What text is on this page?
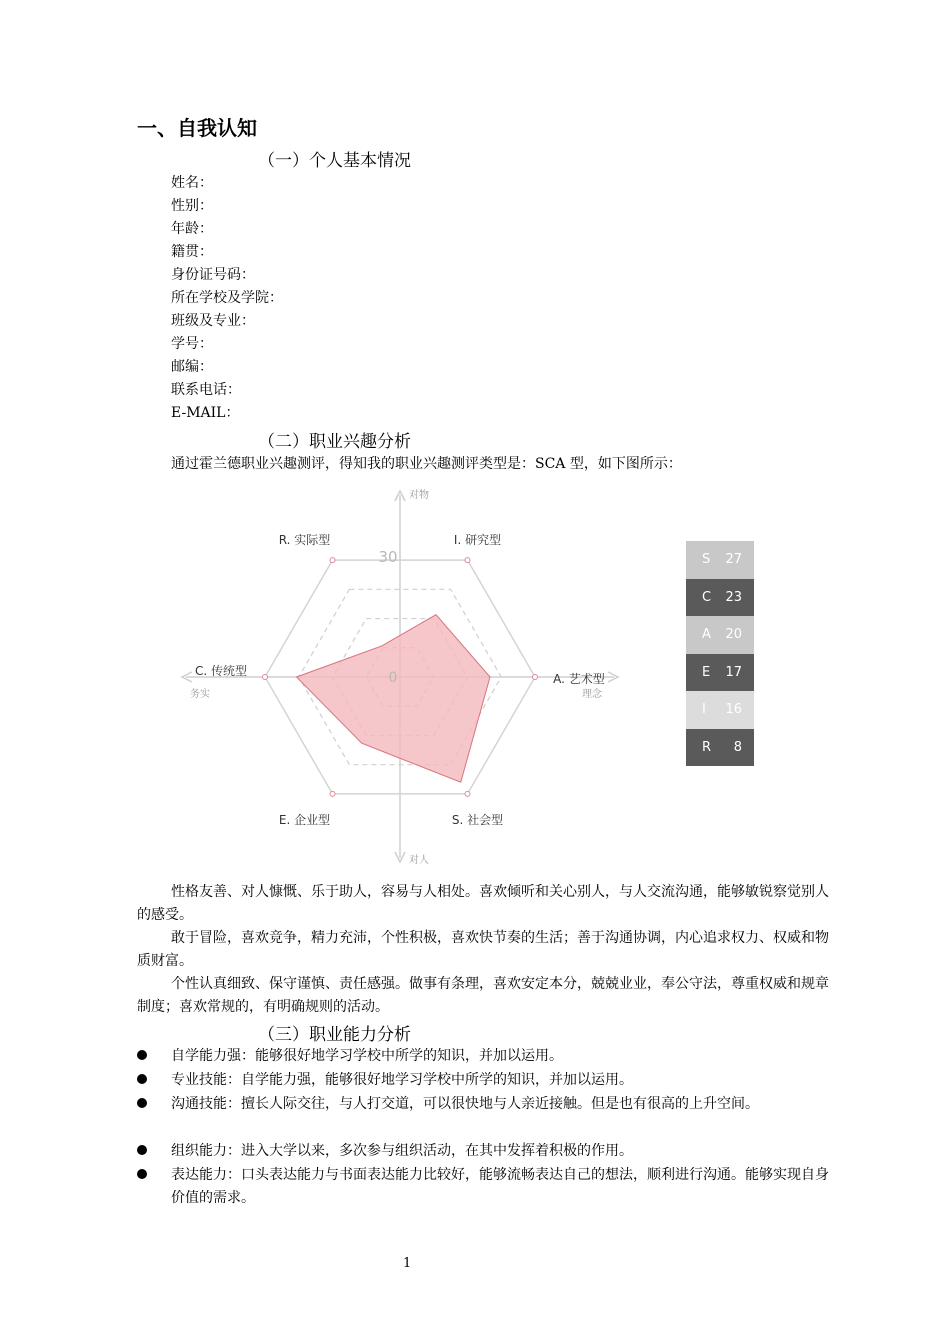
一、自我认知
（一）个人基本情况
姓名：
性别：
年龄：
籍贯：
身份证号码：
所在学校及学院：
班级及专业：
学号：
邮编：
联系电话：
E-MAIL：
（二）职业兴趣分析
通过霍兰德职业兴趣测评，得知我的职业兴趣测评类型是：SCA 型，如下图所示：
R. 实际型	I. 研究型
A. 艺术型
S. 社会型
E. 企业型
C. 传统型
30
0
对物
对人
务实	理念
S 27
C 23
A 20
E 17
I 16
R 8

性格友善、对人慷慨、乐于助人，容易与人相处。喜欢倾听和关心别人，与人交流沟通，能够敏锐察觉别人的感受。

敢于冒险，喜欢竞争，精力充沛，个性积极，喜欢快节奏的生活；善于沟通协调，内心追求权力、权威和物质财富。

个性认真细致、保守谨慎、责任感强。做事有条理，喜欢安定本分，兢兢业业，奉公守法，尊重权威和规章制度；喜欢常规的，有明确规则的活动。

（三）职业能力分析
自学能力强：能够很好地学习学校中所学的知识，并加以运用。
专业技能：自学能力强，能够很好地学习学校中所学的知识，并加以运用。
沟通技能：擅长人际交往，与人打交道，可以很快地与人亲近接触。但是也有很高的上升空间。
组织能力：进入大学以来，多次参与组织活动，在其中发挥着积极的作用。
表达能力：口头表达能力与书面表达能力比较好，能够流畅表达自己的想法，顺利进行沟通。能够实现自身价值的需求。
1
